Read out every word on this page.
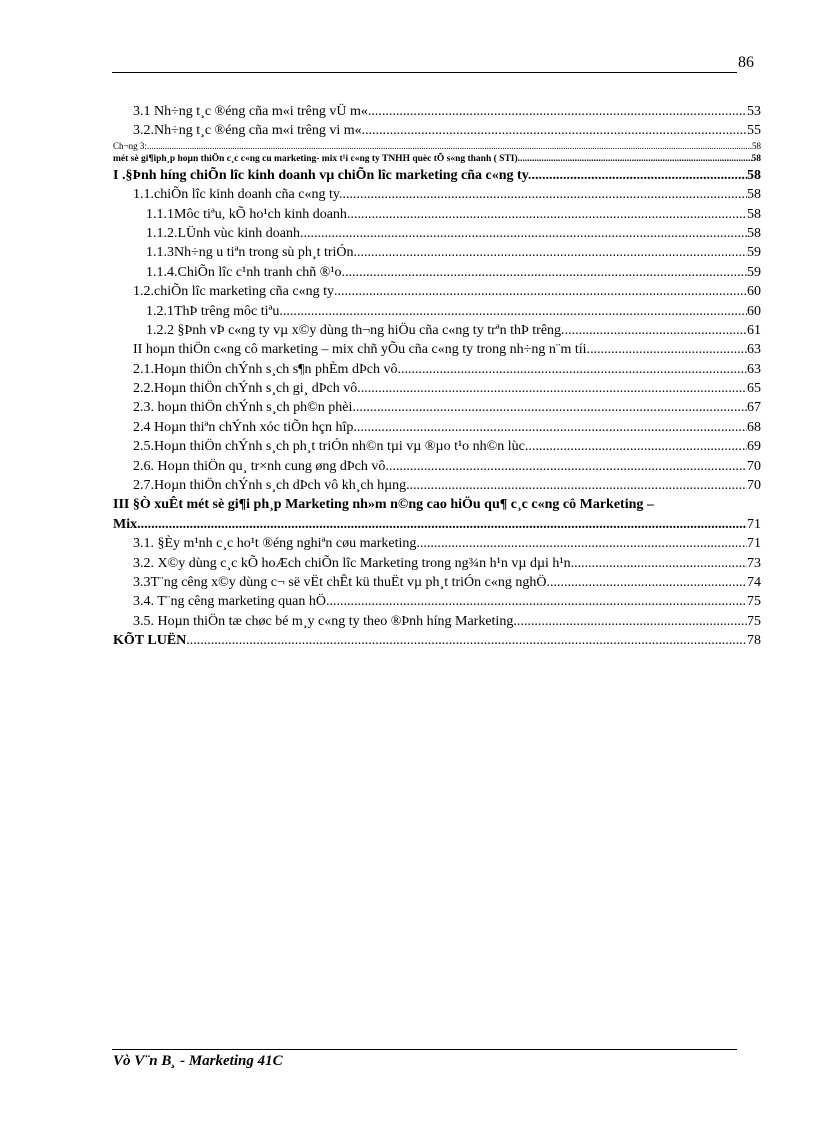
86
3.1 Nh÷ng t¸c ®éng cña m«i trêng vÜ m«. .....	53
3.2.Nh÷ng t¸c ®éng cña m«i trêng vi m« .....	55
Ch¬ng 3: .....	58
mét sè gi¶iph¸p hoµn thiÖn c¸c c«ng cu marketing- mix t¹i c«ng ty TNHH quèc tÕ s«ng thanh ( STI) .....	58
I .§Þnh híng chiÕn lîc kinh doanh vµ chiÕn lîc marketing cña c«ng ty. .....	58
1.1.chiÕn lîc kinh doanh cña c«ng ty. .....	58
1.1.1Môc tiªu, kÕ ho¹ch kinh doanh .....	58
1.1.2.LÜnh vùc kinh doanh. .....	58
1.1.3Nh÷ng u tiªn trong sù ph¸t triÓn .....	59
1.1.4.ChiÕn lîc c¹nh tranh chñ ®¹o .....	59
1.2.chiÕn lîc marketing cña c«ng ty .....	60
1.2.1ThÞ trêng môc tiªu .....	60
1.2.2 §Þnh vÞ c«ng ty vµ x©y dùng th¬ng hiÖu cña c«ng ty trªn thÞ trêng. .....	61
II hoµn thiÖn c«ng cô marketing – mix chñ yÕu cña c«ng ty trong nh÷ng n¨m tíi. .....	63
2.1.Hoµn thiÖn chÝnh s¸ch s¶n phÈm dÞch vô .....	63
2.2.Hoµn thiÖn chÝnh s¸ch gi¸ dÞch vô. .....	65
2.3. hoµn thiÖn chÝnh s¸ch ph©n phèi. .....	67
2.4 Hoµn thiªn chÝnh xóc tiÕn hçn hîp .....	68
2.5.Hoµn thiÖn chÝnh s¸ch ph¸t triÓn nh©n tµi vµ ®µo t¹o nh©n lùc. .....	69
2.6. Hoµn thiÖn qu¸ tr×nh cung øng dÞch vô .....	70
2.7.Hoµn thiÖn chÝnh s¸ch dÞch vô kh¸ch hµng .....	70
III §Ò xuÊt mét sè gi¶i ph¸p Marketing nh»m n©ng cao hiÖu qu¶ c¸c c«ng cô Marketing –
Mix .....	71
3.1. §Èy m¹nh c¸c ho¹t ®éng nghiªn cøu marketing .....	71
3.2. X©y dùng c¸c kÕ hoÆch chiÕn lîc Marketing trong ng¾n h¹n vµ dµi h¹n .....	73
3.3T¨ng cêng x©y dùng c¬ së vËt chÊt kü thuËt vµ ph¸t triÓn c«ng nghÖ .....	74
3.4. T¨ng cêng marketing quan hÖ .....	75
3.5. Hoµn thiÖn tæ chøc bé m¸y c«ng ty theo ®Þnh híng Marketing .....	75
KÕT LUËN .....	78
Vò V¨n B¸ - Marketing 41C
